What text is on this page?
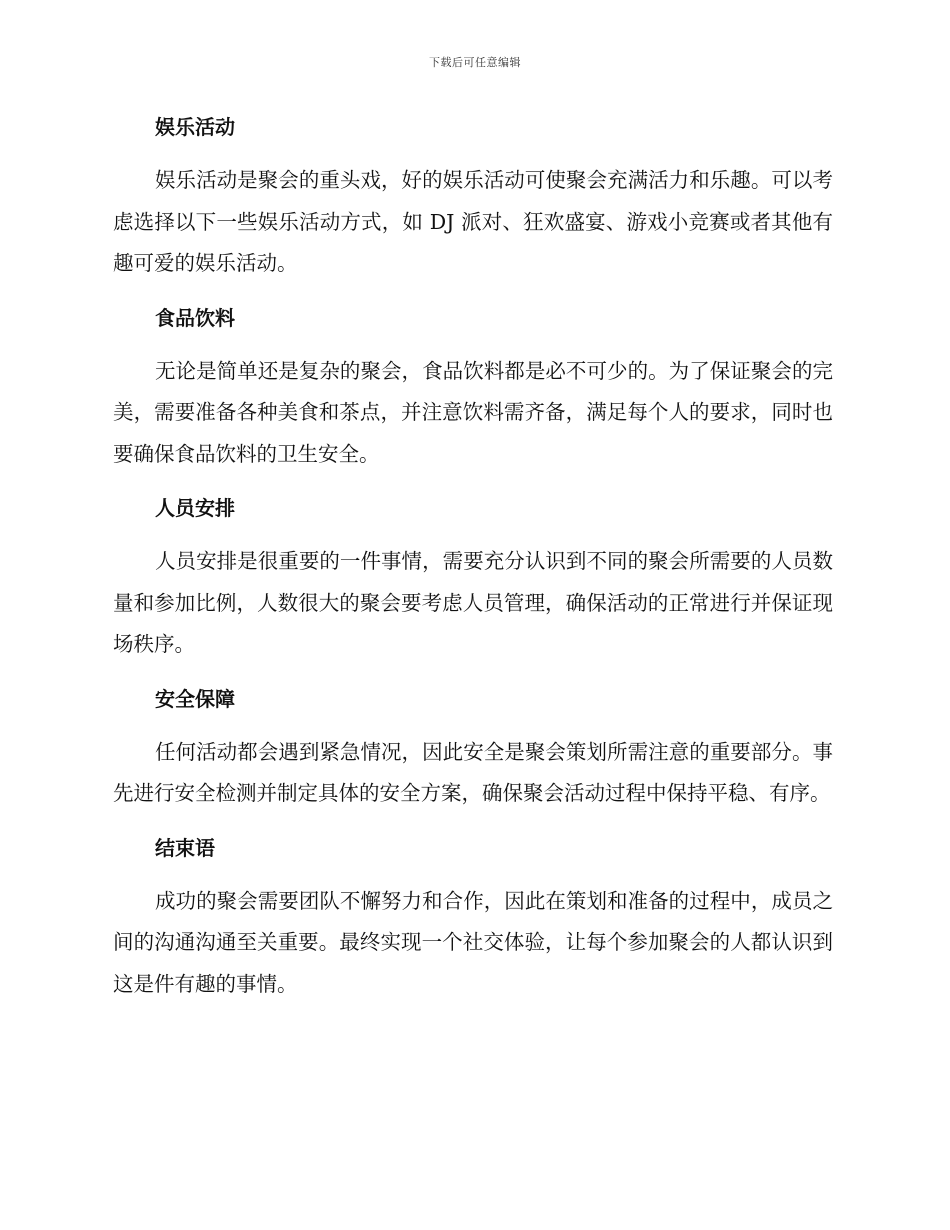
下载后可任意编辑
娱乐活动

娱乐活动是聚会的重头戏，好的娱乐活动可使聚会充满活力和乐趣。可以考虑选择以下一些娱乐活动方式，如 DJ 派对、狂欢盛宴、游戏小竞赛或者其他有趣可爱的娱乐活动。

食品饮料

无论是简单还是复杂的聚会，食品饮料都是必不可少的。为了保证聚会的完美，需要准备各种美食和茶点，并注意饮料需齐备，满足每个人的要求，同时也要确保食品饮料的卫生安全。

人员安排

人员安排是很重要的一件事情，需要充分认识到不同的聚会所需要的人员数量和参加比例，人数很大的聚会要考虑人员管理，确保活动的正常进行并保证现场秩序。

安全保障

任何活动都会遇到紧急情况，因此安全是聚会策划所需注意的重要部分。事先进行安全检测并制定具体的安全方案，确保聚会活动过程中保持平稳、有序。

结束语

成功的聚会需要团队不懈努力和合作，因此在策划和准备的过程中，成员之间的沟通沟通至关重要。最终实现一个社交体验，让每个参加聚会的人都认识到这是件有趣的事情。
